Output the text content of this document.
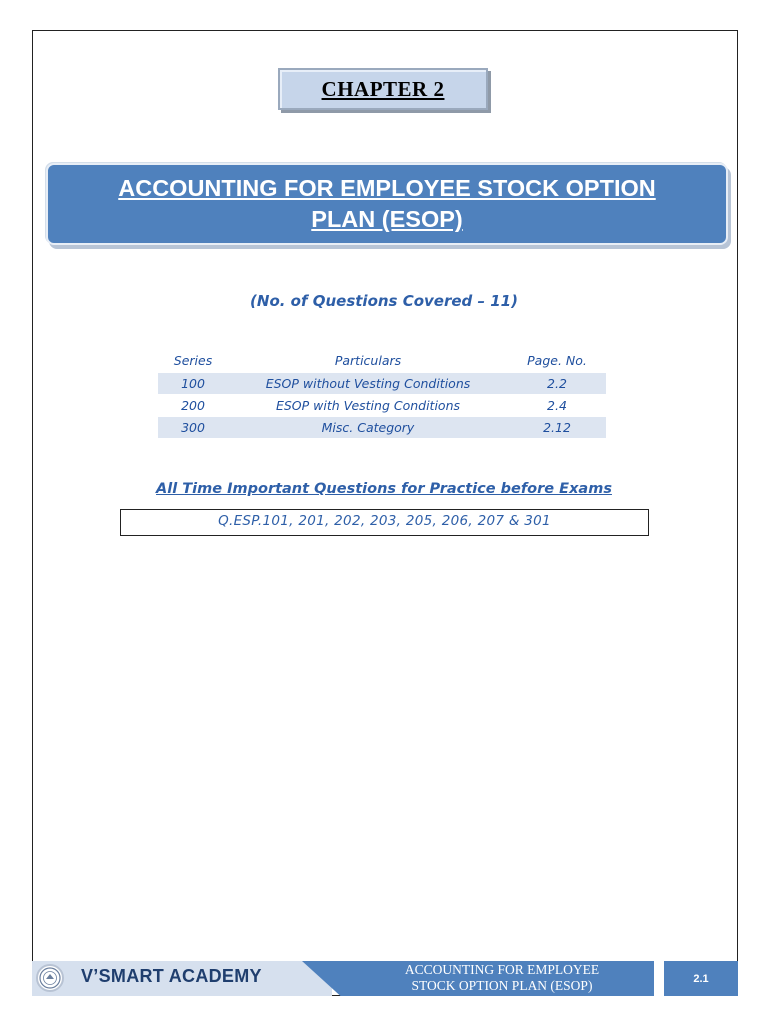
CHAPTER 2
ACCOUNTING FOR EMPLOYEE STOCK OPTION
PLAN (ESOP)
(No. of Questions Covered – 11)
Series	Particulars	Page. No.
100	ESOP without Vesting Conditions	2.2
200	ESOP with Vesting Conditions	2.4
300	Misc. Category	2.12
All Time Important Questions for Practice before Exams
Q.ESP.101, 201, 202, 203, 205, 206, 207 & 301
V’SMART ACADEMY	ACCOUNTING FOR EMPLOYEE
STOCK OPTION PLAN (ESOP)	2.1
